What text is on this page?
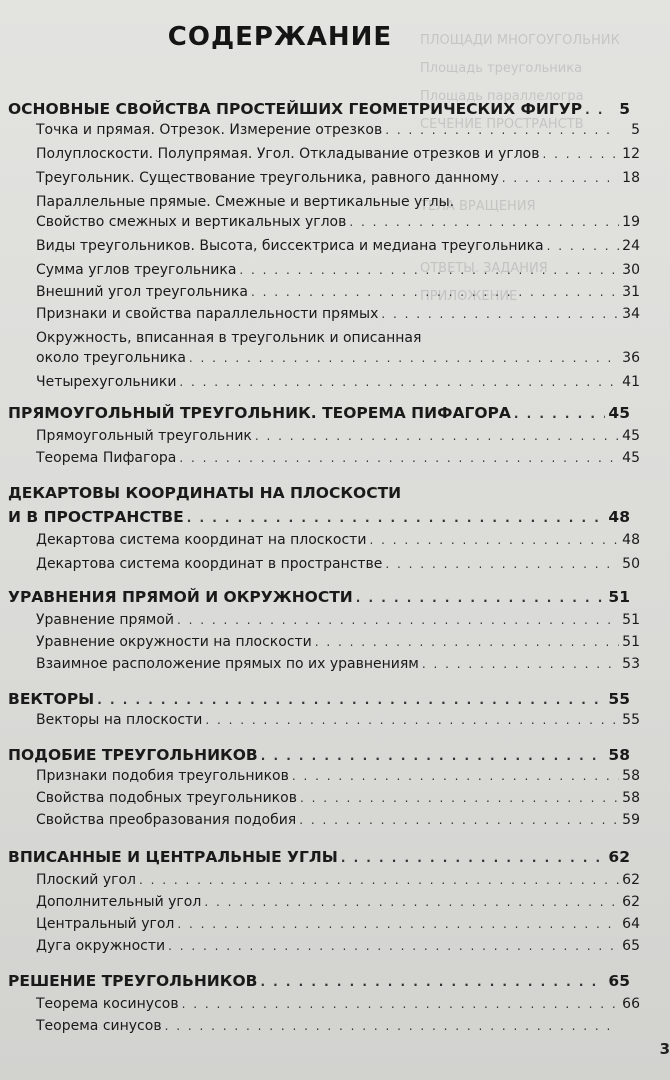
ПЛОЩАДИ МНОГОУГОЛЬНИК
Площадь треугольника
Площадь параллелогра
СЕЧЕНИЕ ПРОСТРАНСТВ
ТЕЛА ВРАЩЕНИЯ
ОТВЕТЫ. ЗАДАНИЯ
ПРИЛОЖЕНИЕ
СОДЕРЖАНИЕ
ОСНОВНЫЕ СВОЙСТВА ПРОСТЕЙШИХ ГЕОМЕТРИЧЕСКИХ ФИГУР . . .	5
Точка и прямая. Отрезок. Измерение отрезков . . .	5
Полуплоскости. Полупрямая. Угол. Откладывание отрезков и углов . . .	12
Треугольник. Существование треугольника, равного данному . . .	18
Параллельные прямые. Смежные и вертикальные углы.
Свойство смежных и вертикальных углов . . .	19
Виды треугольников. Высота, биссектриса и медиана треугольника . . .	24
Сумма углов треугольника . . .	30
Внешний угол треугольника . . .	31
Признаки и свойства параллельности прямых . . .	34
Окружность, вписанная в треугольник и описанная
около треугольника . . .	36
Четырехугольники . . .	41
ПРЯМОУГОЛЬНЫЙ ТРЕУГОЛЬНИК. ТЕОРЕМА ПИФАГОРА . . .	45
Прямоугольный треугольник . . .	45
Теорема Пифагора . . .	45
ДЕКАРТОВЫ КООРДИНАТЫ НА ПЛОСКОСТИ
И В ПРОСТРАНСТВЕ . . .	48
Декартова система координат на плоскости . . .	48
Декартова система координат в пространстве . . .	50
УРАВНЕНИЯ ПРЯМОЙ И ОКРУЖНОСТИ . . .	51
Уравнение прямой . . .	51
Уравнение окружности на плоскости . . .	51
Взаимное расположение прямых по их уравнениям . . .	53
ВЕКТОРЫ . . .	55
Векторы на плоскости . . .	55
ПОДОБИЕ ТРЕУГОЛЬНИКОВ . . .	58
Признаки подобия треугольников . . .	58
Свойства подобных треугольников . . .	58
Свойства преобразования подобия . . .	59
ВПИСАННЫЕ И ЦЕНТРАЛЬНЫЕ УГЛЫ . . .	62
Плоский угол . . .	62
Дополнительный угол . . .	62
Центральный угол . . .	64
Дуга окружности . . .	65
РЕШЕНИЕ ТРЕУГОЛЬНИКОВ . . .	65
Теорема косинусов . . .	66
Теорема синусов
. . .
3
